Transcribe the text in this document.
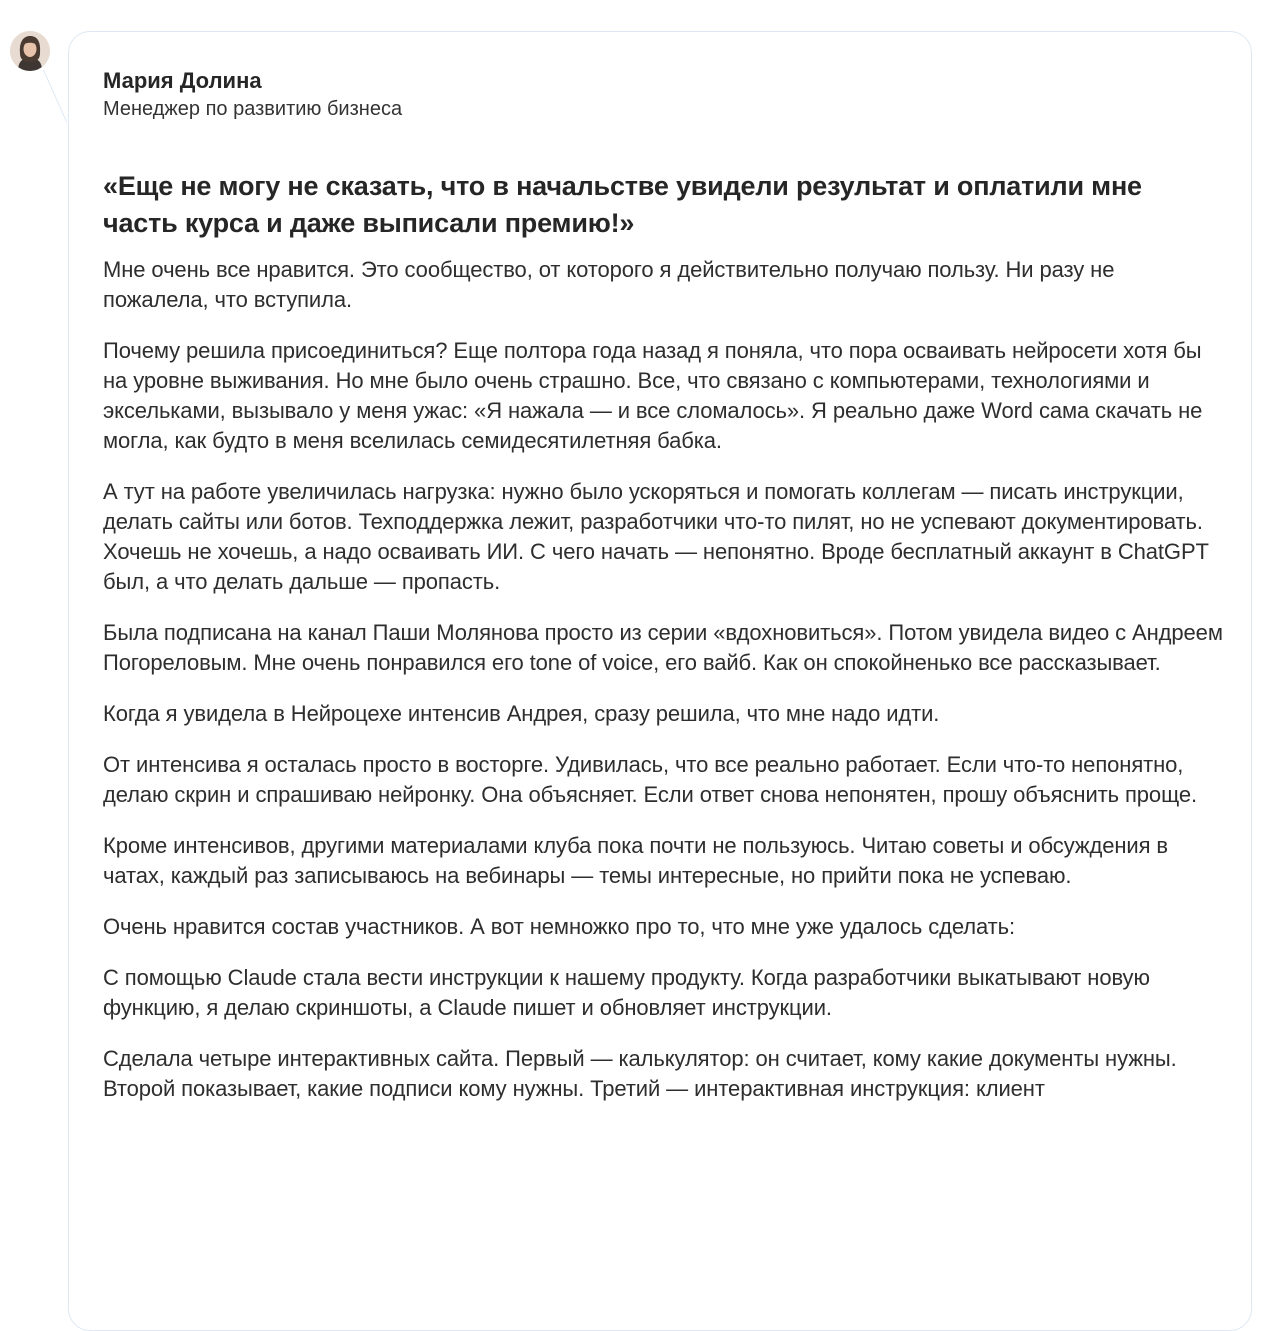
Мария Долина
Менеджер по развитию бизнеса
«Еще не могу не сказать, что в начальстве увидели результат и оплатили мне часть курса и даже выписали премию!»
Мне очень все нравится. Это сообщество, от которого я действительно получаю пользу. Ни разу не пожалела, что вступила.
Почему решила присоединиться? Еще полтора года назад я поняла, что пора осваивать нейросети хотя бы на уровне выживания. Но мне было очень страшно. Все, что связано с компьютерами, технологиями и эксельками, вызывало у меня ужас: «Я нажала — и все сломалось». Я реально даже Word сама скачать не могла, как будто в меня вселилась семидесятилетняя бабка.
А тут на работе увеличилась нагрузка: нужно было ускоряться и помогать коллегам — писать инструкции, делать сайты или ботов. Техподдержка лежит, разработчики что-то пилят, но не успевают документировать. Хочешь не хочешь, а надо осваивать ИИ. С чего начать — непонятно. Вроде бесплатный аккаунт в ChatGPT был, а что делать дальше — пропасть.
Была подписана на канал Паши Молянова просто из серии «вдохновиться». Потом увидела видео с Андреем Погореловым. Мне очень понравился его tone of voice, его вайб. Как он спокойненько все рассказывает.
Когда я увидела в Нейроцехе интенсив Андрея, сразу решила, что мне надо идти.
От интенсива я осталась просто в восторге. Удивилась, что все реально работает. Если что-то непонятно, делаю скрин и спрашиваю нейронку. Она объясняет. Если ответ снова непонятен, прошу объяснить проще.
Кроме интенсивов, другими материалами клуба пока почти не пользуюсь. Читаю советы и обсуждения в чатах, каждый раз записываюсь на вебинары — темы интересные, но прийти пока не успеваю.
Очень нравится состав участников. А вот немножко про то, что мне уже удалось сделать:
С помощью Claude стала вести инструкции к нашему продукту. Когда разработчики выкатывают новую функцию, я делаю скриншоты, а Claude пишет и обновляет инструкции.
Сделала четыре интерактивных сайта. Первый — калькулятор: он считает, кому какие документы нужны. Второй показывает, какие подписи кому нужны. Третий — интерактивная инструкция: клиент
